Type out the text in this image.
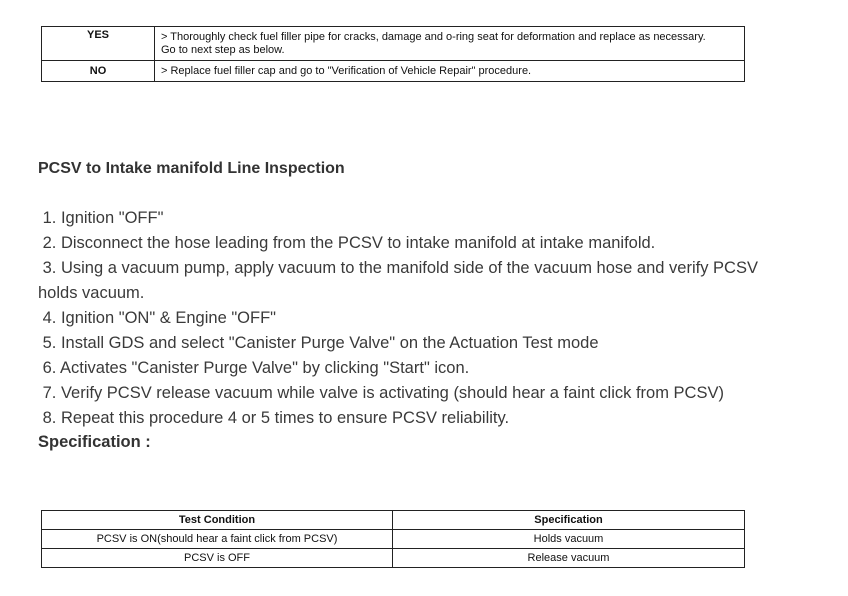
YES	> Thoroughly check fuel filler pipe for cracks, damage and o-ring seat for deformation and replace as necessary.
Go to next step as below.

NO	> Replace fuel filler cap and go to "Verification of Vehicle Repair" procedure.
PCSV to Intake manifold Line Inspection
1. Ignition "OFF"
2. Disconnect the hose leading from the PCSV to intake manifold at intake manifold.
3. Using a vacuum pump, apply vacuum to the manifold side of the vacuum hose and verify PCSV
holds vacuum.
4. Ignition "ON" & Engine "OFF"
5. Install GDS and select "Canister Purge Valve" on the Actuation Test mode
6. Activates "Canister Purge Valve" by clicking "Start" icon.
7. Verify PCSV release vacuum while valve is activating (should hear a faint click from PCSV)
8. Repeat this procedure 4 or 5 times to ensure PCSV reliability.
Specification :
Test Condition	Specification
PCSV is ON(should hear a faint click from PCSV)	Holds vacuum
PCSV is OFF	Release vacuum
